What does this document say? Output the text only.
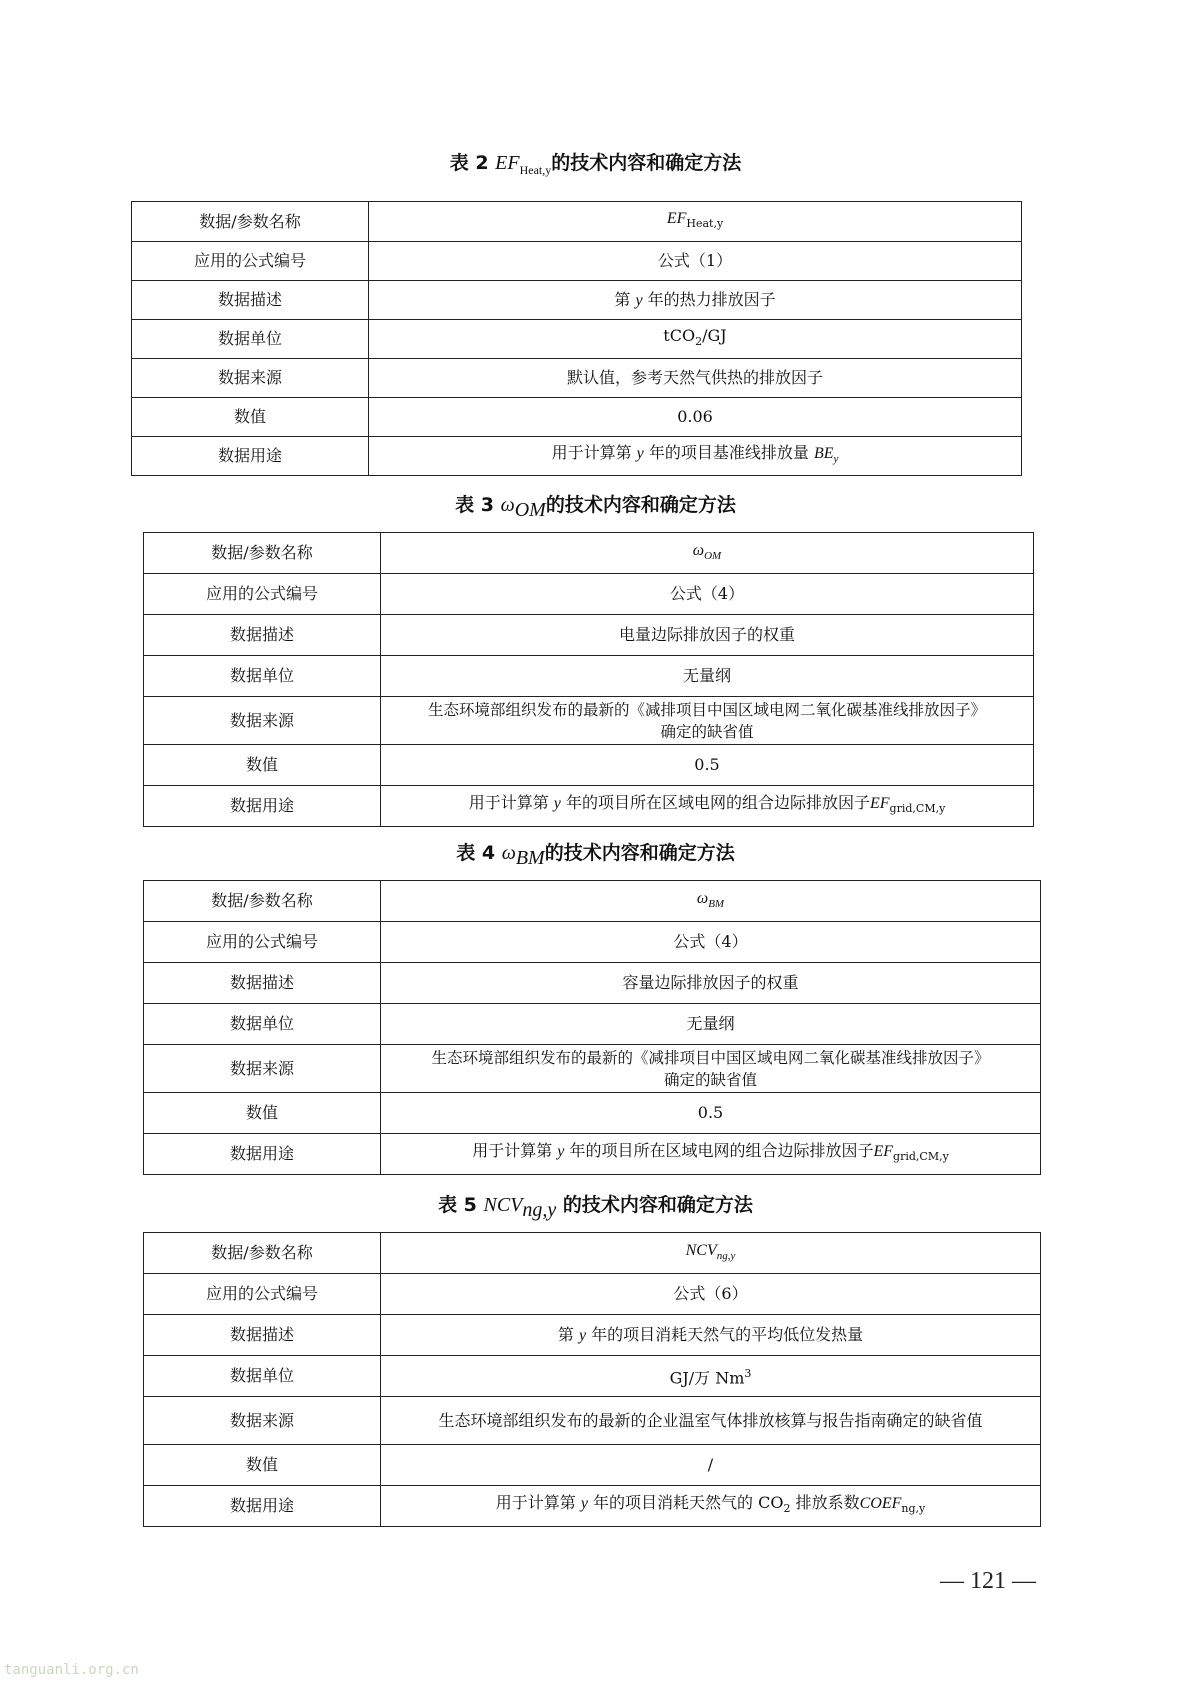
表 2 $EF_{Heat,y}$的技术内容和确定方法
数据/参数名称	$EF_{Heat,y}$
应用的公式编号	公式（1）
数据描述	第 y 年的热力排放因子
数据单位	tCO$_2$/GJ
数据来源	默认值，参考天然气供热的排放因子
数值	0.06
数据用途	用于计算第 y 年的项目基准线排放量 $BE_y$
表 3 $\omega_{OM}$的技术内容和确定方法
数据/参数名称	$\omega_{OM}$
应用的公式编号	公式（4）
数据描述	电量边际排放因子的权重
数据单位	无量纲
数据来源	生态环境部组织发布的最新的《减排项目中国区域电网二氧化碳基准线排放因子》
确定的缺省值

数值	0.5
数据用途	用于计算第 y 年的项目所在区域电网的组合边际排放因子$EF_{grid,CM,y}$
表 4 $\omega_{BM}$的技术内容和确定方法
数据/参数名称	$\omega_{BM}$
应用的公式编号	公式（4）
数据描述	容量边际排放因子的权重
数据单位	无量纲
数据来源	生态环境部组织发布的最新的《减排项目中国区域电网二氧化碳基准线排放因子》
确定的缺省值

数值	0.5
数据用途	用于计算第 y 年的项目所在区域电网的组合边际排放因子$EF_{grid,CM,y}$
表 5 $NCV_{ng,y}$ 的技术内容和确定方法
数据/参数名称	$NCV_{ng,y}$
应用的公式编号	公式（6）
数据描述	第 y 年的项目消耗天然气的平均低位发热量
数据单位	GJ/万 Nm$^3$
数据来源	生态环境部组织发布的最新的企业温室气体排放核算与报告指南确定的缺省值
数值	/
数据用途	用于计算第 y 年的项目消耗天然气的 $CO_2$ 排放系数$COEF_{ng,y}$
— 121 —
tanguanli.org.cn
